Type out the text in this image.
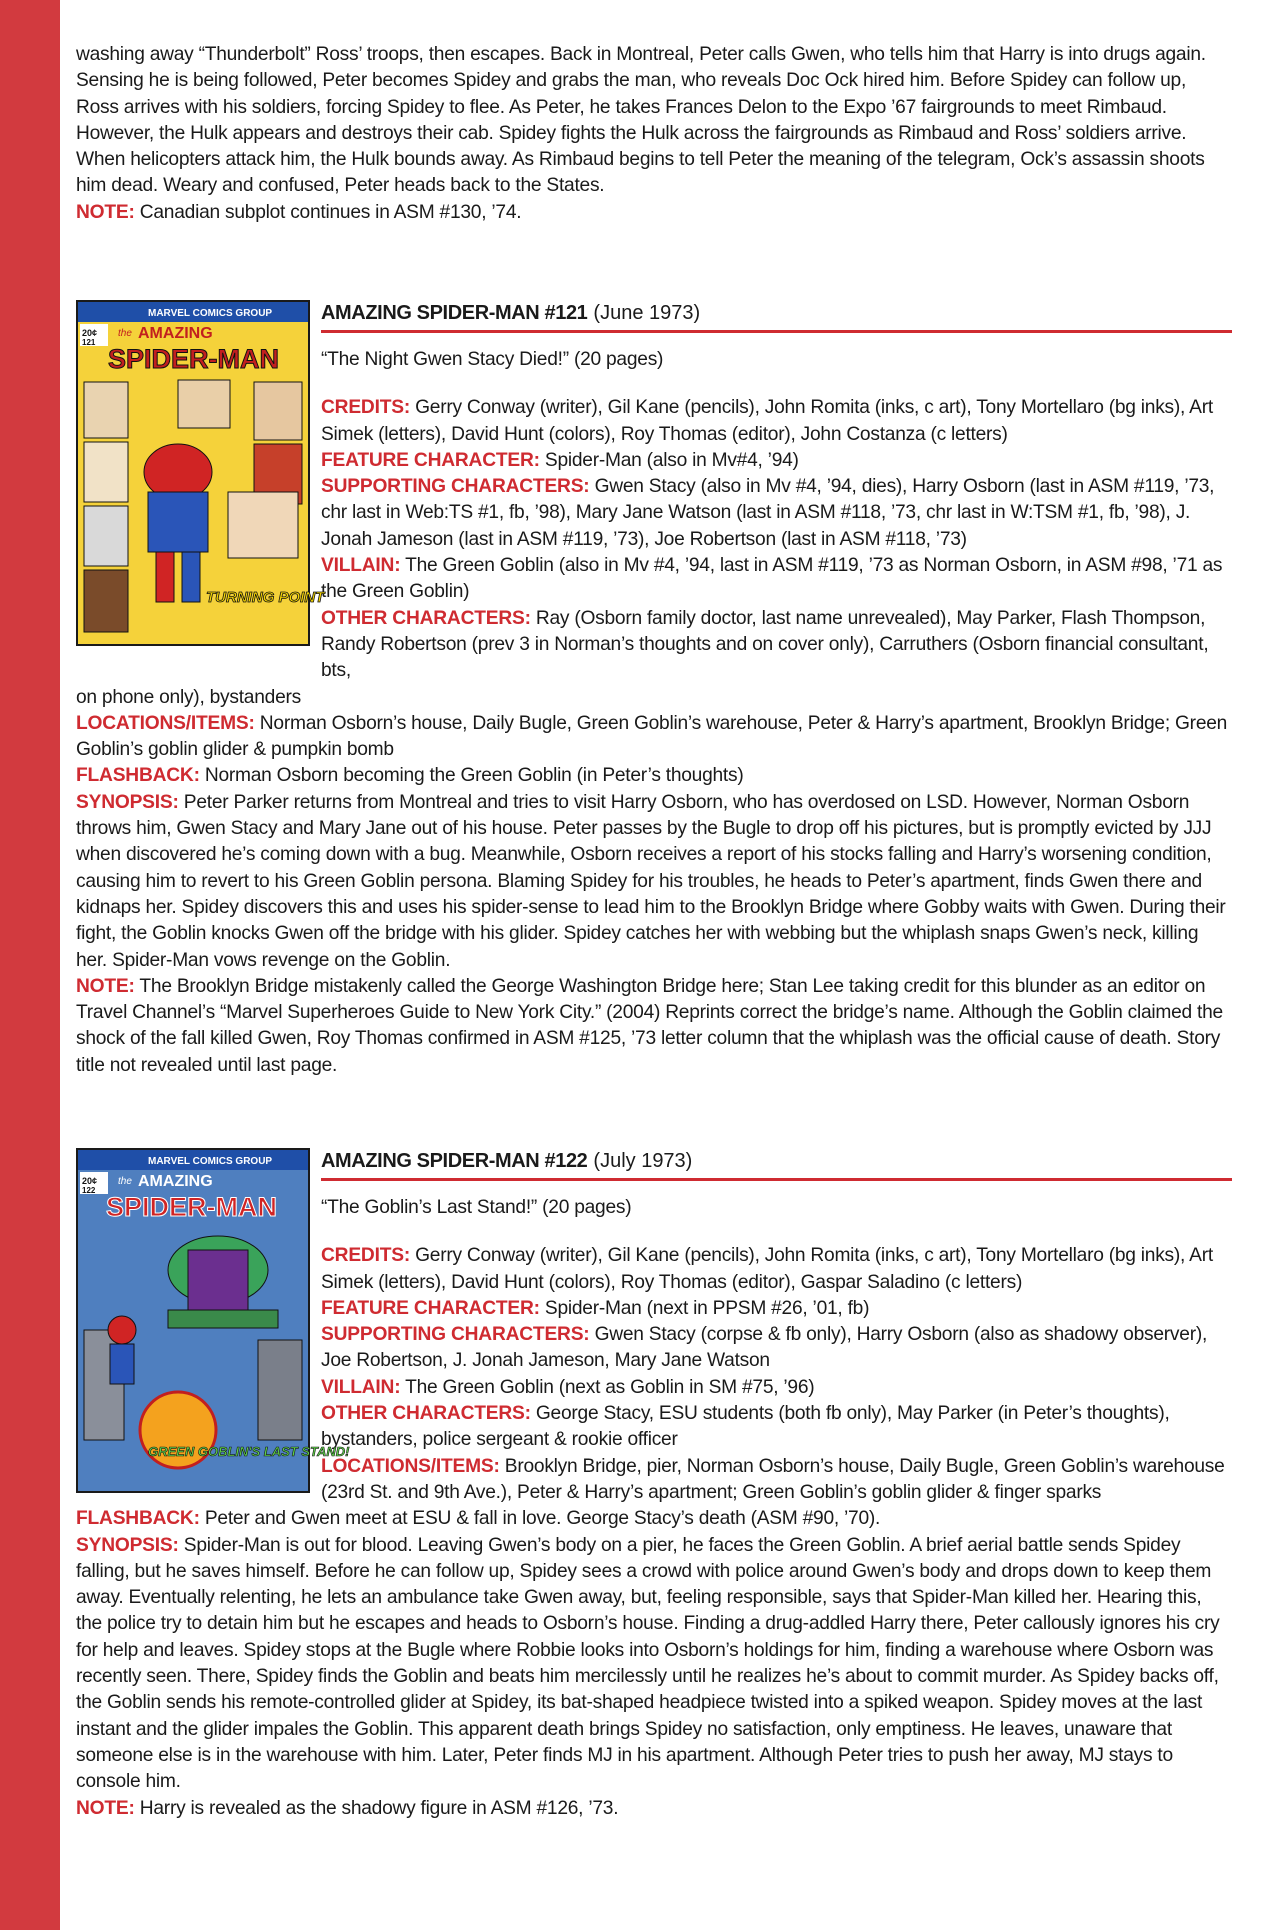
washing away “Thunderbolt” Ross’ troops, then escapes. Back in Montreal, Peter calls Gwen, who tells him that Harry is into drugs again. Sensing he is being followed, Peter becomes Spidey and grabs the man, who reveals Doc Ock hired him. Before Spidey can follow up, Ross arrives with his soldiers, forcing Spidey to flee. As Peter, he takes Frances Delon to the Expo ’67 fairgrounds to meet Rimbaud. However, the Hulk appears and destroys their cab. Spidey fights the Hulk across the fairgrounds as Rimbaud and Ross’ soldiers arrive. When helicopters attack him, the Hulk bounds away. As Rimbaud begins to tell Peter the meaning of the telegram, Ock’s assassin shoots him dead. Weary and confused, Peter heads back to the States.

NOTE: Canadian subplot continues in ASM #130, ’74.

MARVEL COMICS GROUP
20¢
121
the AMAZING
SPIDER-MAN
TURNING POINT

AMAZING SPIDER-MAN #121 (June 1973)

“The Night Gwen Stacy Died!” (20 pages)

CREDITS: Gerry Conway (writer), Gil Kane (pencils), John Romita (inks, c art), Tony Mortellaro (bg inks), Art Simek (letters), David Hunt (colors), Roy Thomas (editor), John Costanza (c letters)

FEATURE CHARACTER: Spider-Man (also in Mv#4, ’94)

SUPPORTING CHARACTERS: Gwen Stacy (also in Mv #4, ’94, dies), Harry Osborn (last in ASM #119, ’73, chr last in Web:TS #1, fb, ’98), Mary Jane Watson (last in ASM #118, ’73, chr last in W:TSM #1, fb, ’98), J. Jonah Jameson (last in ASM #119, ’73), Joe Robertson (last in ASM #118, ’73)

VILLAIN: The Green Goblin (also in Mv #4, ’94, last in ASM #119, ’73 as Norman Osborn, in ASM #98, ’71 as the Green Goblin)

OTHER CHARACTERS: Ray (Osborn family doctor, last name unrevealed), May Parker, Flash Thompson, Randy Robertson (prev 3 in Norman’s thoughts and on cover only), Carruthers (Osborn financial consultant, bts,

on phone only), bystanders

LOCATIONS/ITEMS: Norman Osborn’s house, Daily Bugle, Green Goblin’s warehouse, Peter & Harry’s apartment, Brooklyn Bridge; Green Goblin’s goblin glider & pumpkin bomb

FLASHBACK: Norman Osborn becoming the Green Goblin (in Peter’s thoughts)

SYNOPSIS: Peter Parker returns from Montreal and tries to visit Harry Osborn, who has overdosed on LSD. However, Norman Osborn throws him, Gwen Stacy and Mary Jane out of his house. Peter passes by the Bugle to drop off his pictures, but is promptly evicted by JJJ when discovered he’s coming down with a bug. Meanwhile, Osborn receives a report of his stocks falling and Harry’s worsening condition, causing him to revert to his Green Goblin persona. Blaming Spidey for his troubles, he heads to Peter’s apartment, finds Gwen there and kidnaps her. Spidey discovers this and uses his spider-sense to lead him to the Brooklyn Bridge where Gobby waits with Gwen. During their fight, the Goblin knocks Gwen off the bridge with his glider. Spidey catches her with webbing but the whiplash snaps Gwen’s neck, killing her. Spider-Man vows revenge on the Goblin.

NOTE: The Brooklyn Bridge mistakenly called the George Washington Bridge here; Stan Lee taking credit for this blunder as an editor on Travel Channel’s “Marvel Superheroes Guide to New York City.” (2004) Reprints correct the bridge’s name. Although the Goblin claimed the shock of the fall killed Gwen, Roy Thomas confirmed in ASM #125, ’73 letter column that the whiplash was the official cause of death. Story title not revealed until last page.

MARVEL COMICS GROUP
20¢
122
the AMAZING
SPIDER-MAN
GREEN GOBLIN'S LAST STAND!

AMAZING SPIDER-MAN #122 (July 1973)

“The Goblin’s Last Stand!” (20 pages)

CREDITS: Gerry Conway (writer), Gil Kane (pencils), John Romita (inks, c art), Tony Mortellaro (bg inks), Art Simek (letters), David Hunt (colors), Roy Thomas (editor), Gaspar Saladino (c letters)

FEATURE CHARACTER: Spider-Man (next in PPSM #26, ’01, fb)

SUPPORTING CHARACTERS: Gwen Stacy (corpse & fb only), Harry Osborn (also as shadowy observer), Joe Robertson, J. Jonah Jameson, Mary Jane Watson

VILLAIN: The Green Goblin (next as Goblin in SM #75, ’96)

OTHER CHARACTERS: George Stacy, ESU students (both fb only), May Parker (in Peter’s thoughts), bystanders, police sergeant & rookie officer

LOCATIONS/ITEMS: Brooklyn Bridge, pier, Norman Osborn’s house, Daily Bugle, Green Goblin’s warehouse (23rd St. and 9th Ave.), Peter & Harry’s apartment; Green Goblin’s goblin glider & finger sparks

FLASHBACK: Peter and Gwen meet at ESU & fall in love. George Stacy’s death (ASM #90, ’70).

SYNOPSIS: Spider-Man is out for blood. Leaving Gwen’s body on a pier, he faces the Green Goblin. A brief aerial battle sends Spidey falling, but he saves himself. Before he can follow up, Spidey sees a crowd with police around Gwen’s body and drops down to keep them away. Eventually relenting, he lets an ambulance take Gwen away, but, feeling responsible, says that Spider-Man killed her. Hearing this, the police try to detain him but he escapes and heads to Osborn’s house. Finding a drug-addled Harry there, Peter callously ignores his cry for help and leaves. Spidey stops at the Bugle where Robbie looks into Osborn’s holdings for him, finding a warehouse where Osborn was recently seen. There, Spidey finds the Goblin and beats him mercilessly until he realizes he’s about to commit murder. As Spidey backs off, the Goblin sends his remote-controlled glider at Spidey, its bat-shaped headpiece twisted into a spiked weapon. Spidey moves at the last instant and the glider impales the Goblin. This apparent death brings Spidey no satisfaction, only emptiness. He leaves, unaware that someone else is in the warehouse with him. Later, Peter finds MJ in his apartment. Although Peter tries to push her away, MJ stays to console him.

NOTE: Harry is revealed as the shadowy figure in ASM #126, ’73.
